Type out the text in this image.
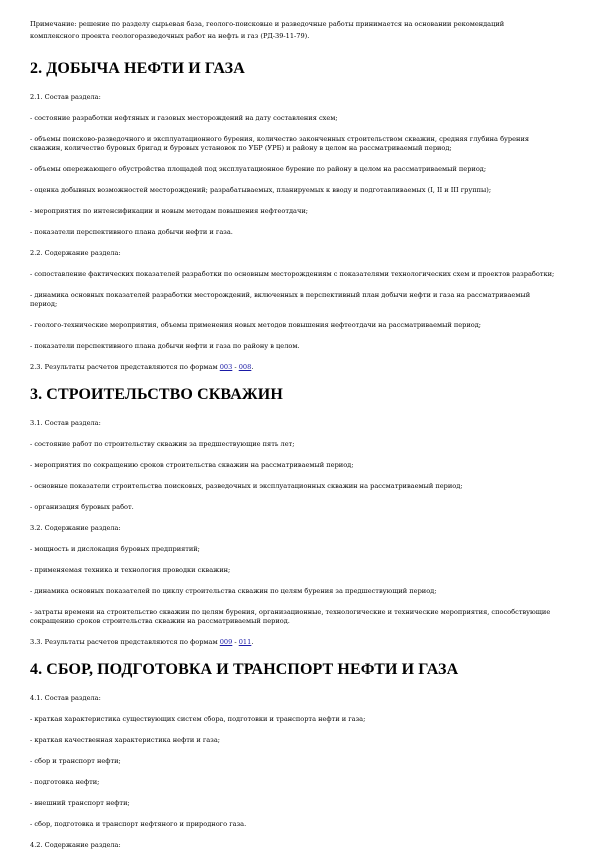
Примечание: решение по разделу сырьевая база, геолого-поисковые и разведочные работы принимается на основании рекомендаций комплексного проекта геологоразведочных работ на нефть и газ (РД-39-11-79).

2. ДОБЫЧА НЕФТИ И ГАЗА

2.1. Состав раздела:

- состояние разработки нефтяных и газовых месторождений на дату составления схем;

- объемы поисково-разведочного и эксплуатационного бурения, количество законченных строительством скважин, средняя глубина бурения скважин, количество буровых бригад и буровых установок по УБР (УРБ) и району в целом на рассматриваемый период;

- объемы опережающего обустройства площадей под эксплуатационное бурение по району в целом на рассматриваемый период;

- оценка добывных возможностей месторождений; разрабатываемых, планируемых к вводу и подготавливаемых (I, II и III группы);

- мероприятия по интенсификации и новым методам повышения нефтеотдачи;

- показатели перспективного плана добычи нефти и газа.

2.2. Содержание раздела:

- сопоставление фактических показателей разработки по основным месторождениям с показателями технологических схем и проектов разработки;

- динамика основных показателей разработки месторождений, включенных в перспективный план добычи нефти и газа на рассматриваемый период;

- геолого-технические мероприятия, объемы применения новых методов повышения нефтеотдачи на рассматриваемый период;

- показатели перспективного плана добычи нефти и газа по району в целом.

2.3. Результаты расчетов представляются по формам 003 - 008.

3. СТРОИТЕЛЬСТВО СКВАЖИН

3.1. Состав раздела:

- состояние работ по строительству скважин за предшествующие пять лет;

- мероприятия по сокращению сроков строительства скважин на рассматриваемый период;

- основные показатели строительства поисковых, разведочных и эксплуатационных скважин на рассматриваемый период;

- организация буровых работ.

3.2. Содержание раздела:

- мощность и дислокация буровых предприятий;

- применяемая техника и технология проводки скважин;

- динамика основных показателей по циклу строительства скважин по целям бурения за предшествующий период;

- затраты времени на строительство скважин по целям бурения, организационные, технологические и технические мероприятия, способствующие сокращению сроков строительства скважин на рассматриваемый период.

3.3. Результаты расчетов представляются по формам 009 - 011.

4. СБОР, ПОДГОТОВКА И ТРАНСПОРТ НЕФТИ И ГАЗА

4.1. Состав раздела:

- краткая характеристика существующих систем сбора, подготовки и транспорта нефти и газа;

- краткая качественная характеристика нефти и газа;

- сбор и транспорт нефти;

- подготовка нефти;

- внешний транспорт нефти;

- сбор, подготовка и транспорт нефтяного и природного газа.

4.2. Содержание раздела:
